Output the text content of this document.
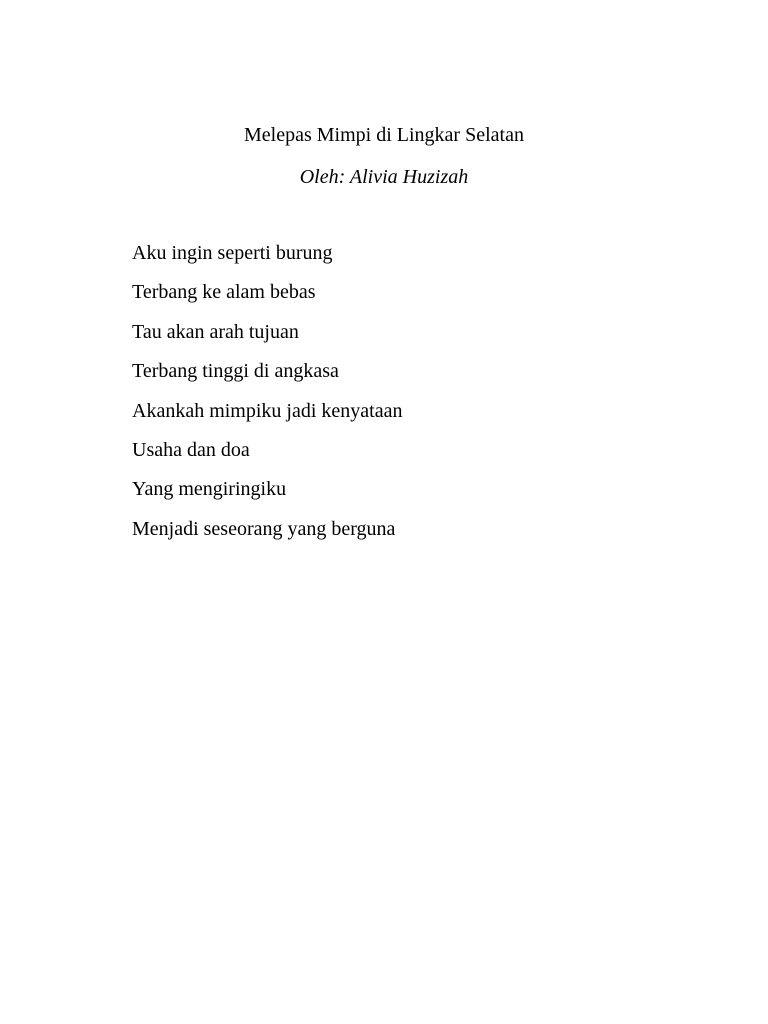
Melepas Mimpi di Lingkar Selatan

Oleh: Alivia Huzizah

Aku ingin seperti burung
Terbang ke alam bebas
Tau akan arah tujuan
Terbang tinggi di angkasa
Akankah mimpiku jadi kenyataan
Usaha dan doa
Yang mengiringiku
Menjadi seseorang yang berguna
